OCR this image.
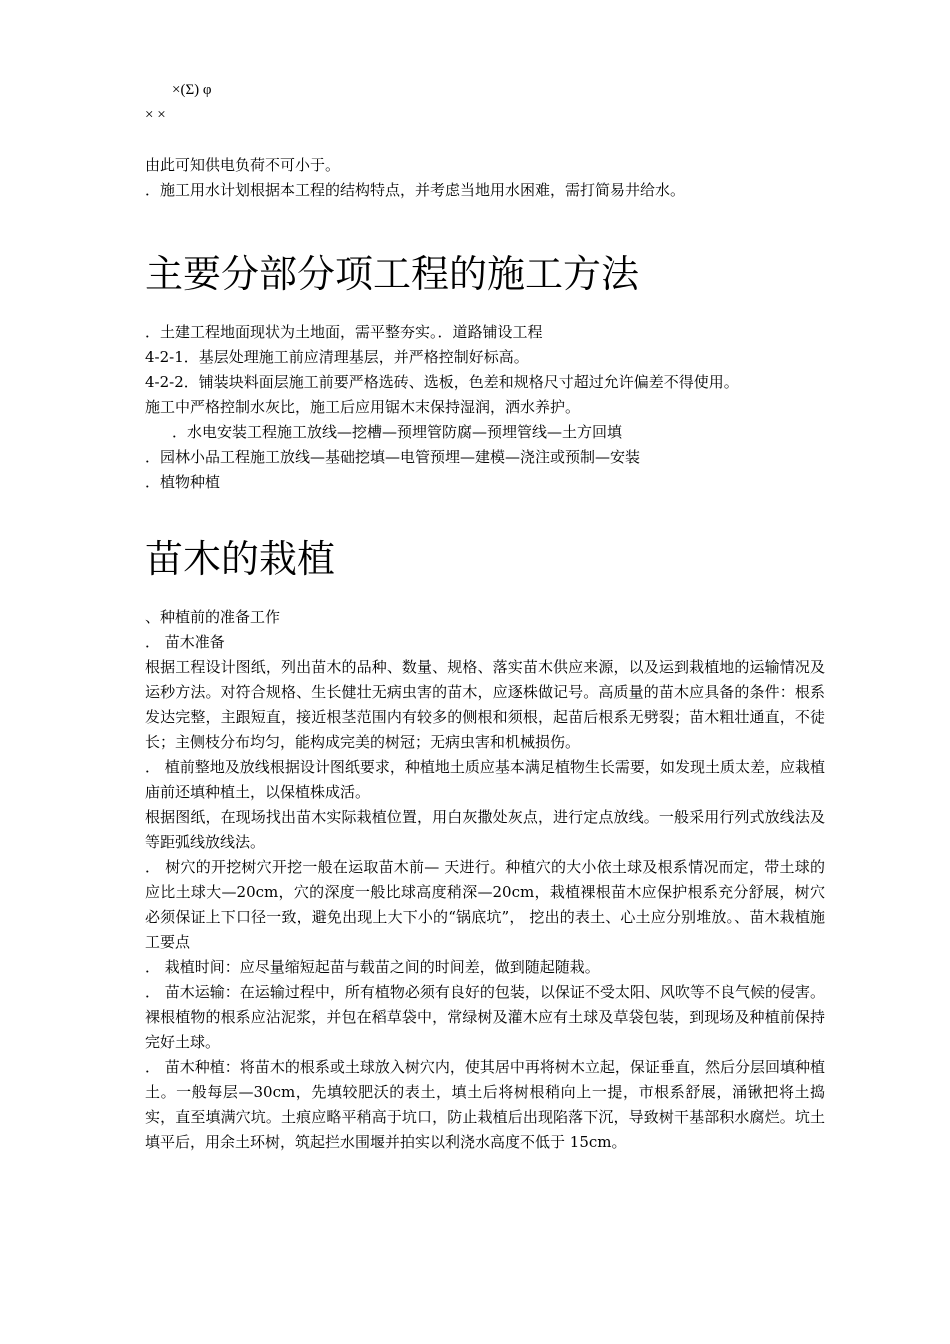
×(Σ) φ

× ×

由此可知供电负荷不可小于。

．施工用水计划根据本工程的结构特点，并考虑当地用水困难，需打简易井给水。

主要分部分项工程的施工方法

．土建工程地面现状为土地面，需平整夯实。．道路铺设工程

4-2-1．基层处理施工前应清理基层，并严格控制好标高。

4-2-2．铺装块料面层施工前要严格选砖、选板，色差和规格尺寸超过允许偏差不得使用。

施工中严格控制水灰比，施工后应用锯木末保持湿润，洒水养护。

．水电安装工程施工放线—挖槽—预埋管防腐—预埋管线—土方回填

．园林小品工程施工放线—基础挖填—电管预埋—建模—浇注或预制—安装

．植物种植

苗木的栽植

、种植前的准备工作

． 苗木准备

根据工程设计图纸，列出苗木的品种、数量、规格、落实苗木供应来源，以及运到栽植地的运输情况及运秒方法。对符合规格、生长健壮无病虫害的苗木，应逐株做记号。高质量的苗木应具备的条件：根系发达完整，主跟短直，接近根茎范围内有较多的侧根和须根，起苗后根系无劈裂；苗木粗壮通直，不徒长；主侧枝分布均匀，能构成完美的树冠；无病虫害和机械损伤。

． 植前整地及放线根据设计图纸要求，种植地土质应基本满足植物生长需要，如发现土质太差，应栽植庙前还填种植土，以保植株成活。

根据图纸，在现场找出苗木实际栽植位置，用白灰撒处灰点，进行定点放线。一般采用行列式放线法及等距弧线放线法。

． 树穴的开挖树穴开挖一般在运取苗木前— 天进行。种植穴的大小依土球及根系情况而定，带土球的应比土球大—20cm，穴的深度一般比球高度稍深—20cm，栽植裸根苗木应保护根系充分舒展，树穴必须保证上下口径一致，避免出现上大下小的“锅底坑”， 挖出的表土、心土应分别堆放。、苗木栽植施工要点

． 栽植时间：应尽量缩短起苗与载苗之间的时间差，做到随起随栽。

． 苗木运输：在运输过程中，所有植物必须有良好的包装，以保证不受太阳、风吹等不良气候的侵害。裸根植物的根系应沾泥浆，并包在稻草袋中，常绿树及灌木应有土球及草袋包装，到现场及种植前保持完好土球。

． 苗木种植：将苗木的根系或土球放入树穴内，使其居中再将树木立起，保证垂直，然后分层回填种植土。一般每层—30cm，先填较肥沃的表土，填土后将树根稍向上一提，市根系舒展，涌锹把将土捣实，直至填满穴坑。土痕应略平稍高于坑口，防止栽植后出现陷落下沉，导致树干基部积水腐烂。坑土填平后，用余土环树，筑起拦水围堰并拍实以利浇水高度不低于 15cm。
